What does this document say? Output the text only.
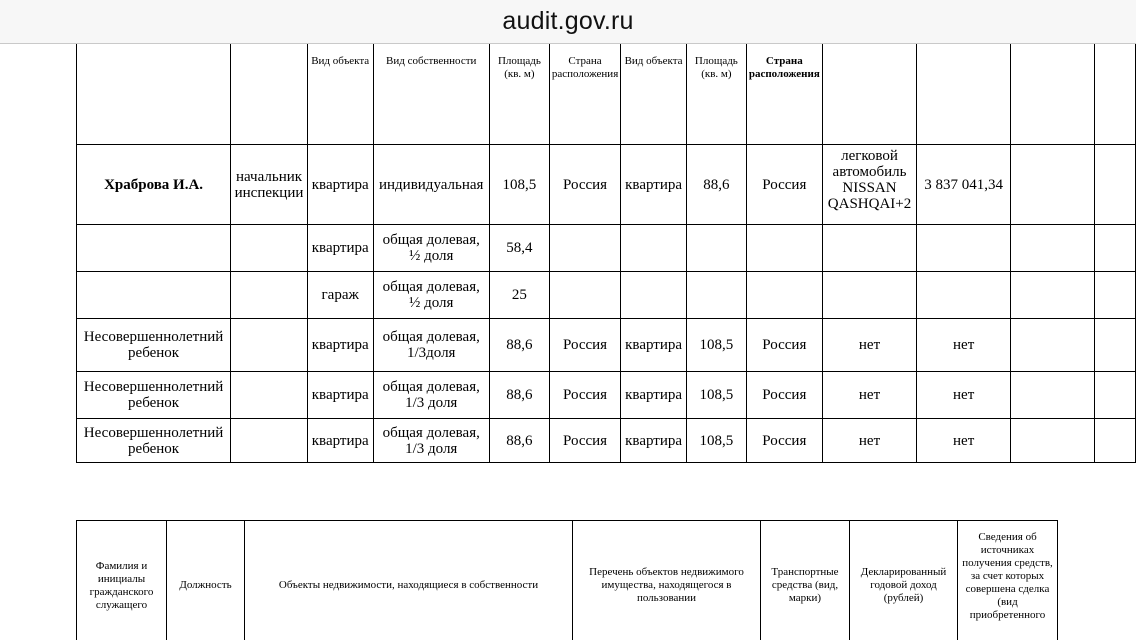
audit.gov.ru
		Вид объекта	Вид собственности	Площадь (кв. м)	Страна расположения	Вид объекта	Площадь (кв. м)	Страна расположения				
Храброва И.А.	начальник инспекции	квартира	индивидуальная	108,5	Россия	квартира	88,6	Россия	легковой автомобиль NISSAN QASHQAI+2	3 837 041,34		
		квартира	общая долевая, ½ доля	58,4								
		гараж	общая долевая, ½ доля	25								
Несовершеннолетний ребенок		квартира	общая долевая, 1/3доля	88,6	Россия	квартира	108,5	Россия	нет	нет		
Несовершеннолетний ребенок		квартира	общая долевая, 1/3 доля	88,6	Россия	квартира	108,5	Россия	нет	нет		
Несовершеннолетний ребенок		квартира	общая долевая, 1/3 доля	88,6	Россия	квартира	108,5	Россия	нет	нет		
Фамилия и инициалы гражданского служащего	Должность	Объекты недвижимости, находящиеся в собственности	Перечень объектов недвижимого имущества, находящегося в пользовании	Транспортные средства (вид, марки)	Декларированный годовой доход (рублей)	Сведения об источниках получения средств, за счет которых совершена сделка (вид приобретенного
